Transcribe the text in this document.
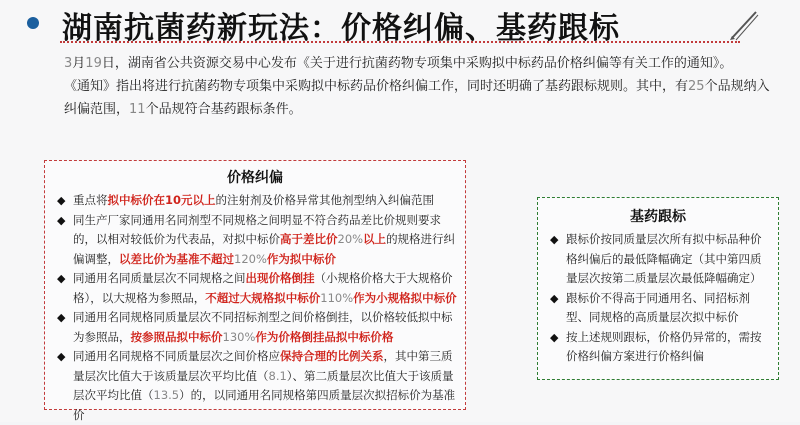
湖南抗菌药新玩法：价格纠偏、基药跟标
3月19日，湖南省公共资源交易中心发布《关于进行抗菌药物专项集中采购拟中标药品价格纠偏等有关工作的通知》。
《通知》指出将进行抗菌药物专项集中采购拟中标药品价格纠偏工作，同时还明确了基药跟标规则。其中，有25个品规纳入纠偏范围，11个品规符合基药跟标条件。
价格纠偏
◆ 重点将拟中标价在10元以上的注射剂及价格异常其他剂型纳入纠偏范围
◆ 同生产厂家同通用名同剂型不同规格之间明显不符合药品差比价规则要求的，以相对较低价为代表品，对拟中标价高于差比价20%以上的规格进行纠偏调整，以差比价为基准不超过120%作为拟中标价
◆ 同通用名同质量层次不同规格之间出现价格倒挂（小规格价格大于大规格价格），以大规格为参照品，不超过大规格拟中标价110%作为小规格拟中标价
◆ 同通用名同规格同质量层次不同招标剂型之间价格倒挂，以价格较低拟中标为参照品，按参照品拟中标价130%作为价格倒挂品拟中标价格
◆ 同通用名同规格不同质量层次之间价格应保持合理的比例关系，其中第三质量层次比值大于该质量层次平均比值（8.1）、第二质量层次比值大于该质量层次平均比值（13.5）的，以同通用名同规格第四质量层次拟招标价为基准价
基药跟标
◆ 跟标价按同质量层次所有拟中标品种价格纠偏后的最低降幅确定（其中第四质量层次按第二质量层次最低降幅确定）
◆ 跟标价不得高于同通用名、同招标剂型、同规格的高质量层次拟中标价
◆ 按上述规则跟标，价格仍异常的，需按价格纠偏方案进行价格纠偏
